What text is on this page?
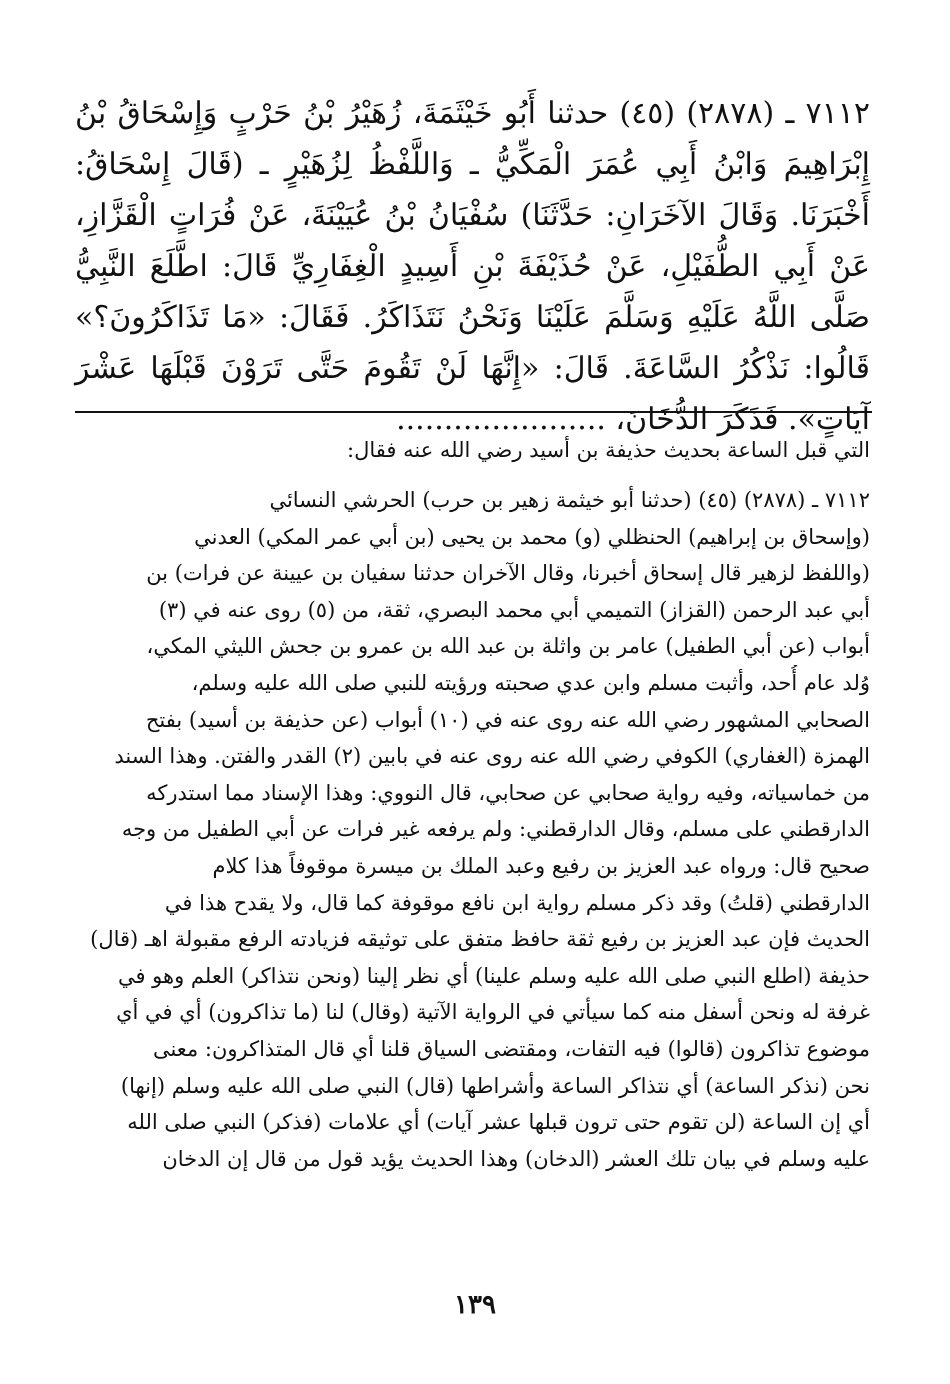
٧١١٢ ـ (٢٨٧٨) (٤٥) حدثنا أَبُو خَيْثَمَةَ، زُهَيْرُ بْنُ حَرْبٍ وَإِسْحَاقُ بْنُ إِبْرَاهِيمَ وَابْنُ أَبِي عُمَرَ الْمَكِّيُّ ـ وَاللَّفْظُ لِزُهَيْرٍ ـ (قَالَ إِسْحَاقُ: أَخْبَرَنَا. وَقَالَ الآخَرَانِ: حَدَّثَنَا) سُفْيَانُ بْنُ عُيَيْنَةَ، عَنْ فُرَاتٍ الْقَزَّازِ، عَنْ أَبِي الطُّفَيْلِ، عَنْ حُذَيْفَةَ بْنِ أَسِيدٍ الْغِفَارِيِّ قَالَ: اطَّلَعَ النَّبِيُّ صَلَّى اللَّهُ عَلَيْهِ وَسَلَّمَ عَلَيْنَا وَنَحْنُ نَتَذَاكَرُ. فَقَالَ: «مَا تَذَاكَرُونَ؟» قَالُوا: نَذْكُرُ السَّاعَةَ. قَالَ: «إِنَّهَا لَنْ تَقُومَ حَتَّى تَرَوْنَ قَبْلَهَا عَشْرَ آيَاتٍ». فَذَكَرَ الدُّخَانَ، ......................

التي قبل الساعة بحديث حذيفة بن أسيد رضي الله عنه فقال:

٧١١٢ ـ (٢٨٧٨) (٤٥) (حدثنا أبو خيثمة زهير بن حرب) الحرشي النسائي
(وإسحاق بن إبراهيم) الحنظلي (و) محمد بن يحيى (بن أبي عمر المكي) العدني
(واللفظ لزهير قال إسحاق أخبرنا، وقال الآخران حدثنا سفيان بن عيينة عن فرات) بن
أبي عبد الرحمن (القزاز) التميمي أبي محمد البصري، ثقة، من (٥) روى عنه في (٣)
أبواب (عن أبي الطفيل) عامر بن واثلة بن عبد الله بن عمرو بن جحش الليثي المكي،
وُلد عام أُحد، وأثبت مسلم وابن عدي صحبته ورؤيته للنبي صلى الله عليه وسلم،
الصحابي المشهور رضي الله عنه روى عنه في (١٠) أبواب (عن حذيفة بن أسيد) بفتح
الهمزة (الغفاري) الكوفي رضي الله عنه روى عنه في بابين (٢) القدر والفتن. وهذا السند
من خماسياته، وفيه رواية صحابي عن صحابي، قال النووي: وهذا الإسناد مما استدركه
الدارقطني على مسلم، وقال الدارقطني: ولم يرفعه غير فرات عن أبي الطفيل من وجه
صحيح قال: ورواه عبد العزيز بن رفيع وعبد الملك بن ميسرة موقوفاً هذا كلام
الدارقطني (قلتُ) وقد ذكر مسلم رواية ابن نافع موقوفة كما قال، ولا يقدح هذا في
الحديث فإن عبد العزيز بن رفيع ثقة حافظ متفق على توثيقه فزيادته الرفع مقبولة اهـ (قال)
حذيفة (اطلع النبي صلى الله عليه وسلم علينا) أي نظر إلينا (ونحن نتذاكر) العلم وهو في
غرفة له ونحن أسفل منه كما سيأتي في الرواية الآتية (وقال) لنا (ما تذاكرون) أي في أي
موضوع تذاكرون (قالوا) فيه التفات، ومقتضى السياق قلنا أي قال المتذاكرون: معنى
نحن (نذكر الساعة) أي نتذاكر الساعة وأشراطها (قال) النبي صلى الله عليه وسلم (إنها)
أي إن الساعة (لن تقوم حتى ترون قبلها عشر آيات) أي علامات (فذكر) النبي صلى الله
عليه وسلم في بيان تلك العشر (الدخان) وهذا الحديث يؤيد قول من قال إن الدخان
١٣٩
